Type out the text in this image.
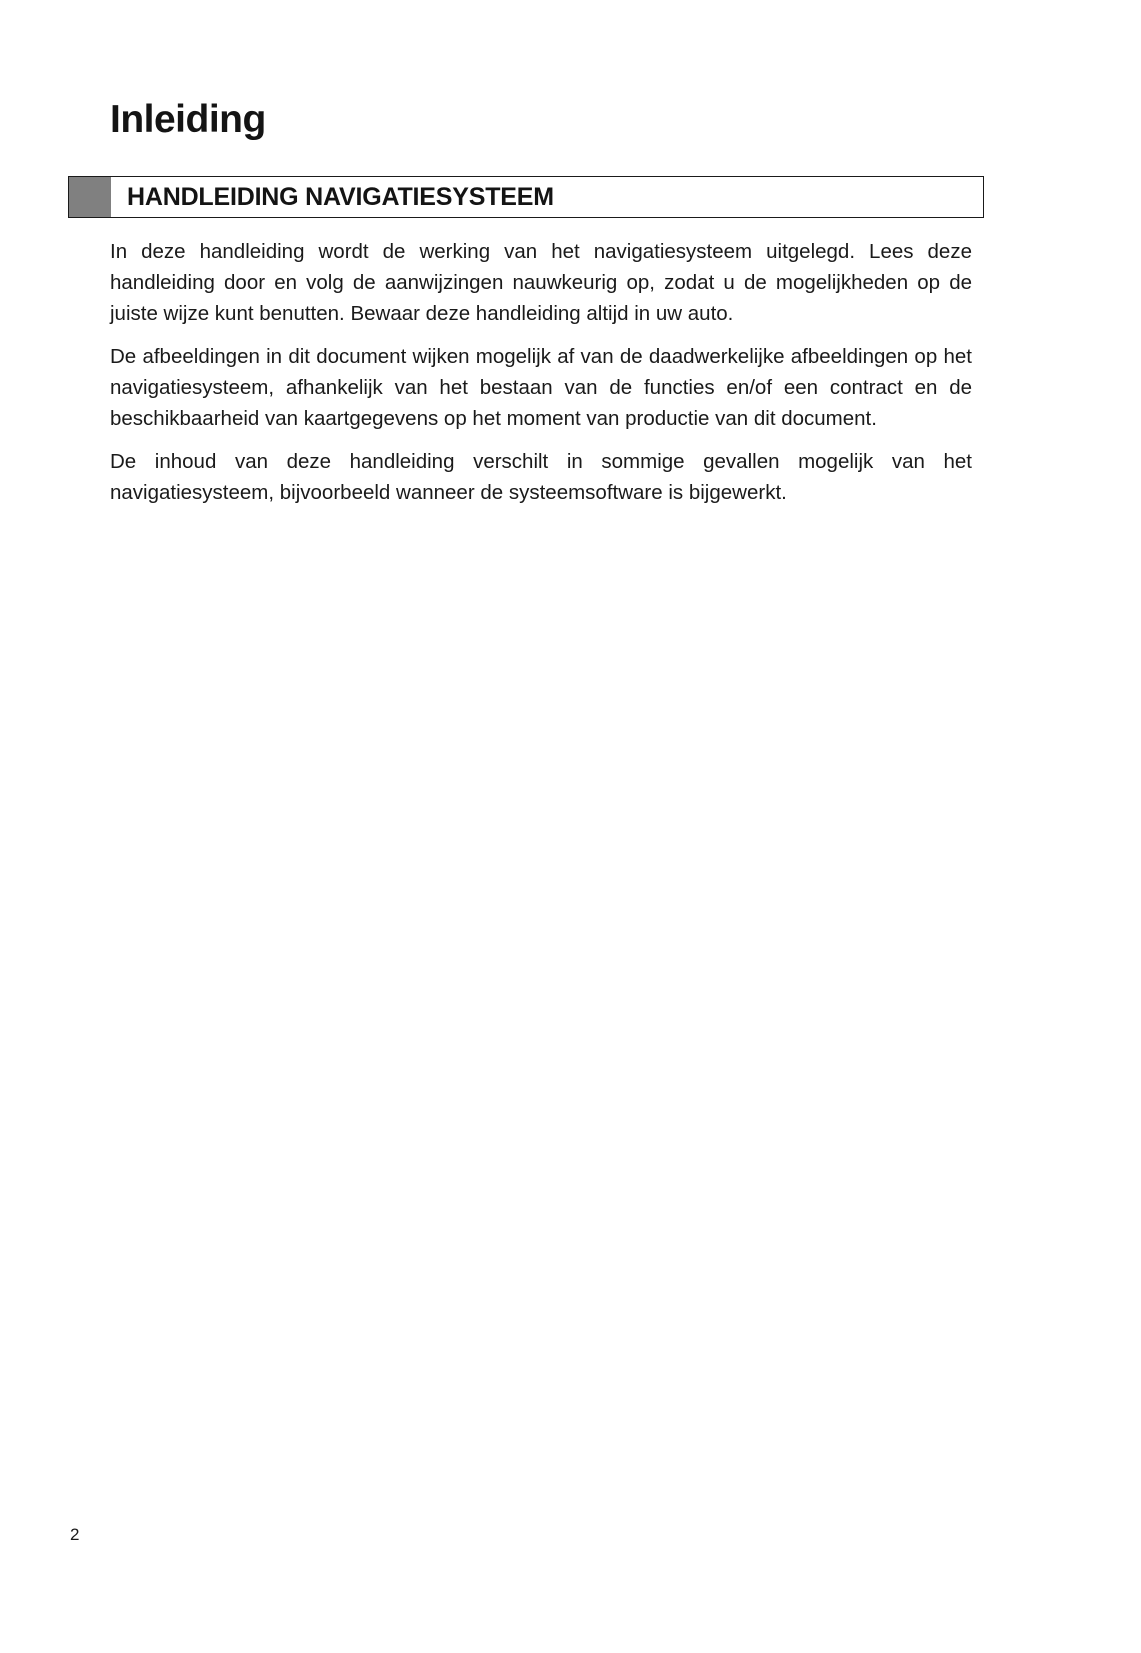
Inleiding
HANDLEIDING NAVIGATIESYSTEEM

In deze handleiding wordt de werking van het navigatiesysteem uitgelegd. Lees deze handleiding door en volg de aanwijzingen nauwkeurig op, zodat u de mogelijkheden op de juiste wijze kunt benutten. Bewaar deze handleiding altijd in uw auto.

De afbeeldingen in dit document wijken mogelijk af van de daadwerkelijke afbeeldingen op het navigatiesysteem, afhankelijk van het bestaan van de functies en/of een contract en de beschikbaarheid van kaartgegevens op het moment van productie van dit document.

De inhoud van deze handleiding verschilt in sommige gevallen mogelijk van het navigatiesysteem, bijvoorbeeld wanneer de systeemsoftware is bijgewerkt.

2
